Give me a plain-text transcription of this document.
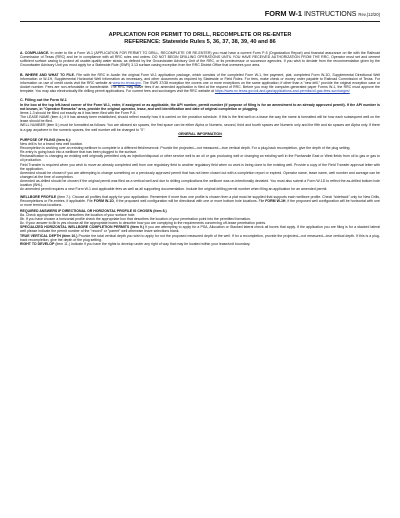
FORM W-1 INSTRUCTIONS Rev.(12/20)
APPLICATION FOR PERMIT TO DRILL, RECOMPLETE OR RE-ENTER
REFERENCE: Statewide Rules 5, 36, 37, 38, 39, 40 and 86
A. COMPLIANCE. In order to file a Form W-1 (APPLICATION FOR PERMIT TO DRILL, RECOMPLETE OR RE-ENTER) you must have a current Form P-5 (Organization Report) and financial assurance on file with the Railroad Commission of Texas (RRC) and be in compliance with all RRC rules and orders. DO NOT BEGIN DRILLING OPERATIONS UNTIL YOU HAVE RECEIVED AUTHORIZATION FROM THE RRC. Operator must set and cement sufficient surface casing to protect all usable-quality water strata, as defined by the Groundwater Advisory Unit of the RRC, or its predecessor or successor agencies. If you wish to deviate from the recommendation given by the Groundwater Advisory Unit you must apply for a Statewide Rule (SWR) 3.13 surface casing exception from the RRC District Office that oversees your area.
B. WHERE AND WHAT TO FILE. File with the RRC in Austin the original Form W-1 application package, which consists of the completed Form W-1, fee payment, plat, completed Form W-1D, Supplemental Directional Well Information or W-1H, Supplemental Horizontal Well Information as necessary, and other documents as required by Statewide or Field Rules. For fees, make check or money order payable to Railroad Commission of Texas. For information on use of credit cards visit the RRC website at www.rrc.texas.gov. The SWR 37/38 exception fee covers one or more exceptions on the same application; if other than a "new drill," provide the original exception case or docket number. Fees are non-refundable or transferable. The RRC may waive fees if an amended application is filed at the request of RRC. Before you may file computer-generated paper Forms W-1, the RRC must approve the template. You may also electronically file drilling permit applications. For current fees and surcharges visit the RRC website at https://www.rrc.texas.gov/oil-and-gas/applications-and-permits/oil-gas-fees-surcharges/
C. Filling out the Form W-1
In the box at the top left-hand corner of the Form W-1, enter, if assigned or as applicable, the API number, permit number (if purpose of filing is for an amendment to an already approved permit). If the API number is not known, in "Operator Remarks" area, provide the original operator, lease, and well identification and date of original completion or plugging.
Items 1-3 should be filled out exactly as it has been filed with the Form P-5.
The LEASE NAME (item 4.) if it has already been established, should reflect exactly how it is carried on the proration schedule. If this is the first well on a lease the way the name is formatted will be how each subsequent well on the lease should be filed.
WELL NUMBER (item 5.) must be formatted as follows: You are allowed six spaces, the first space can be either Alpha or Numeric, second, third and fourth spaces are Numeric only and the fifth and six spaces are Alpha only. If there is a gap anywhere in the numeric spaces, the well number will be changed to "0".
GENERAL INFORMATION
PURPOSE OF FILING (item 6.):
New drill is for a brand new well location.
Recompletion is working over an existing wellbore to complete in a different field/reservoir. Provide the projected—not measured—true vertical depth. For a plug-back recompletion, give the depth of the plug setting.
Re-entry is going back into a wellbore that has been plugged to the surface.
Reclassification is changing an existing well originally permitted only as injection/disposal or other service well to an oil or gas producing well or changing an existing well in the Panhandle East or West fields from oil to gas or gas to oil production.
Field Transfer is required when you wish to move an already completed well from one regulatory field to another regulatory field when no work is being done to the existing well. Provide a copy of the Field Transfer approval letter with the application.
Amended should be chosen if you are attempting to change something on a previously approved permit that has not been closed out with a completion report or expired. Operator name, lease name, well number and acreage can be changed at the time of completion.
Amended as-drilled should be chosen if the original permit was filed as a vertical well and due to drilling complications the wellbore was un-intentionally deviated. You must also submit a Form W-1D to reflect the as-drilled bottom hole location (BHL).
An amended permit requires a new Form W-1 and applicable fees as well as all supporting documentation. Include the original drilling permit number when filing an application for an amended permit.
WELLBORE PROFILE (item 7.): Choose all profiles that apply for your application. Remember if more than one profile is chosen then a plat must be supplied that supports each wellbore profile. Check "sidetrack" only for New Drills, Recompletions or Re-entries, if applicable. File FORM W-1D, if the proposed well configuration will be directional with one or more bottom hole locations. File FORM W-1H, if the proposed well configuration will be horizontal with one or more terminus locations.
REQUIRED ANSWERS IF DIRECTIONAL OR HORIZONTAL PROFILE IS CHOSEN (item 8.)
8a. Check appropriate box that describes the location of your surface hole.
8b. If you have chosen a horizontal profile check the appropriate box that describes the location of your penetration point into the permitted formation.
8c. If your answer to 8b is yes choose all the appropriate boxes to describe how you are complying to the requirements concerning off-lease penetration points.
SPECIALIZED HORIZONTAL WELLBORE COMPLETION PERMITS (item 9.) If you are attempting to apply for a PSA, Allocation or Stacked lateral check all boxes that apply. If the application you are filing is for a stacked lateral well please indicate the permit number of the "record" or "parent" well otherwise leave selections blank.
TRUE VERTICAL DEPTH (item 10.) Provide the total vertical depth you wish to apply for not the proposed measured depth of the well. If for a recompletion, provide the projected—not measured—true vertical depth. If this is a plug-back recompletion, give the depth of the plug setting.
RIGHT TO DEVELOP (item 11.) Indicate if you have the rights to develop under any right of way that may be located within your lease/unit boundary.
